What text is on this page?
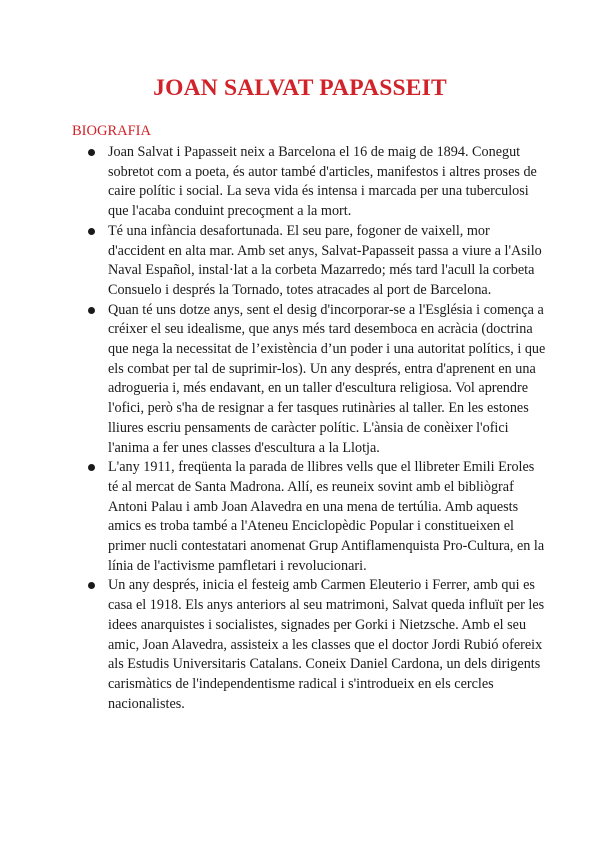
JOAN SALVAT PAPASSEIT

BIOGRAFIA

Joan Salvat i Papasseit neix a Barcelona el 16 de maig de 1894. Conegut sobretot com a poeta, és autor també d'articles, manifestos i altres proses de caire polític i social. La seva vida és intensa i marcada per una tuberculosi que l'acaba conduint precoçment a la mort.
Té una infància desafortunada. El seu pare, fogoner de vaixell, mor d'accident en alta mar. Amb set anys, Salvat-Papasseit passa a viure a l'Asilo Naval Español, instal·lat a la corbeta Mazarredo; més tard l'acull la corbeta Consuelo i després la Tornado, totes atracades al port de Barcelona.
Quan té uns dotze anys, sent el desig d'incorporar-se a l'Església i comença a créixer el seu idealisme, que anys més tard desemboca en acràcia (doctrina que nega la necessitat de l’existència d’un poder i una autoritat polítics, i que els combat per tal de suprimir-los). Un any després, entra d'aprenent en una adrogueria i, més endavant, en un taller d'escultura religiosa. Vol aprendre l'ofici, però s'ha de resignar a fer tasques rutinàries al taller. En les estones lliures escriu pensaments de caràcter polític. L'ànsia de conèixer l'ofici l'anima a fer unes classes d'escultura a la Llotja.
L'any 1911, freqüenta la parada de llibres vells que el llibreter Emili Eroles té al mercat de Santa Madrona. Allí, es reuneix sovint amb el bibliògraf Antoni Palau i amb Joan Alavedra en una mena de tertúlia. Amb aquests amics es troba també a l'Ateneu Enciclopèdic Popular i constitueixen el primer nucli contestatari anomenat Grup Antiflamenquista Pro-Cultura, en la línia de l'activisme pamfletari i revolucionari.
Un any després, inicia el festeig amb Carmen Eleuterio i Ferrer, amb qui es casa el 1918. Els anys anteriors al seu matrimoni, Salvat queda influït per les idees anarquistes i socialistes, signades per Gorki i Nietzsche. Amb el seu amic, Joan Alavedra, assisteix a les classes que el doctor Jordi Rubió ofereix als Estudis Universitaris Catalans. Coneix Daniel Cardona, un dels dirigents carismàtics de l'independentisme radical i s'introdueix en els cercles nacionalistes.
